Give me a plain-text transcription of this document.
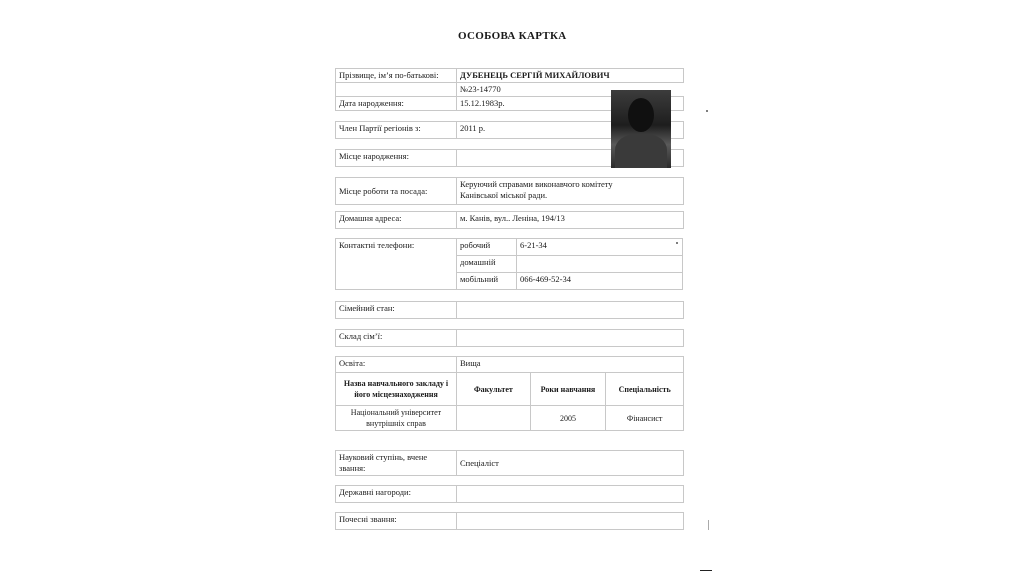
ОСОБОВА КАРТКА
Прізвище, ім’я по-батькові:	ДУБЕНЕЦЬ СЕРГІЙ МИХАЙЛОВИЧ
	№23-14770
Дата народження:	15.12.1983р.
Член Партії регіонів з:	2011 р.
Місце народження:	
Місце роботи та посада:	
Керуючий справами виконавчого комітету
Канівської міської ради.
Домашня адреса:	м. Канів, вул.. Леніна, 194/13
Контактні телефони:	робочий	6-21-34
	домашній	
	мобільний	066-469-52-34
Сімейний стан:	
Склад сім’ї:	
Освіта:	Вища		
Назва навчального закладу і його місцезнаходження	Факультет	Роки навчання	Спеціальність
Національний університет внутрішніх справ		2005	Фінансист
Науковий ступінь, вчене звання:	Спеціаліст
Державні нагороди:	
Почесні звання:	
